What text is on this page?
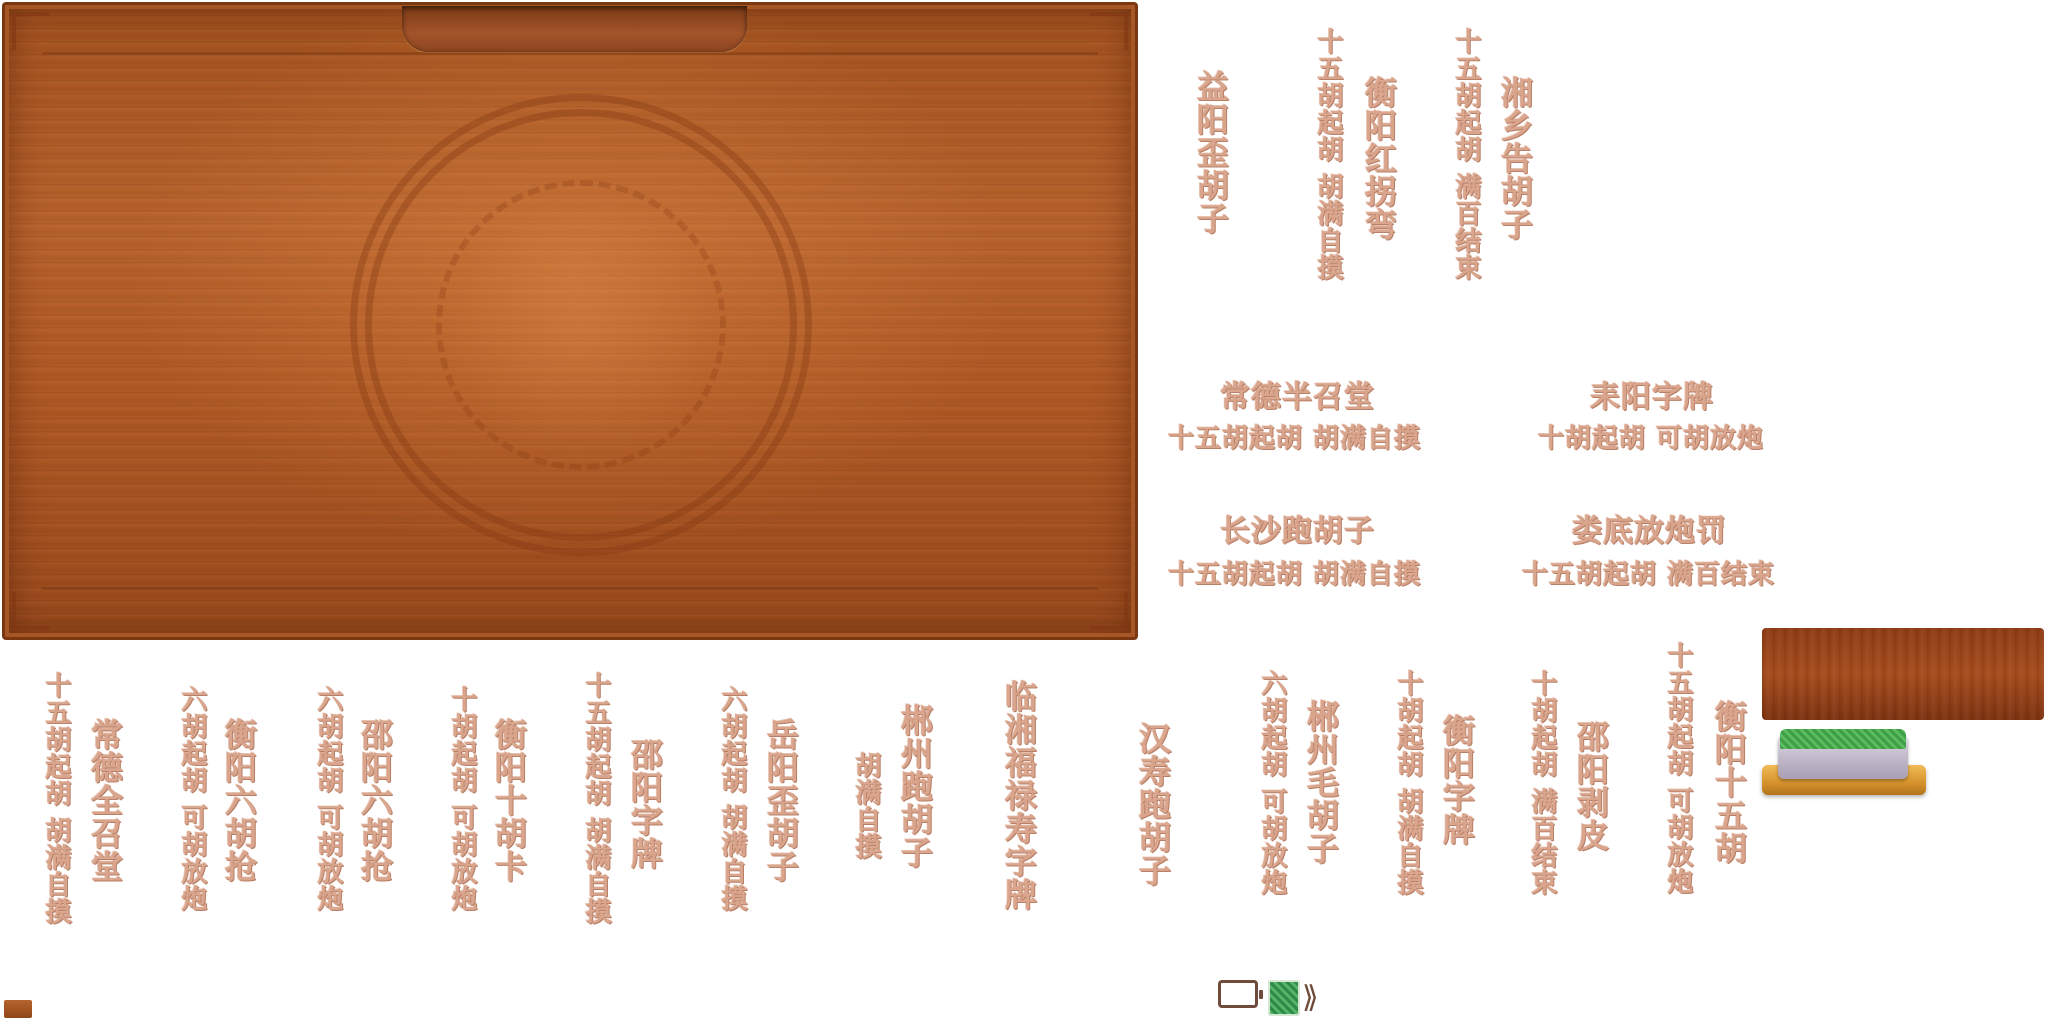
益阳歪胡子	衡阳红拐弯
十五胡起胡 胡满自摸	湘乡告胡子
十五胡起胡 满百结束
常德半召堂
十五胡起胡 胡满自摸
耒阳字牌
十胡起胡 可胡放炮
长沙跑胡子
十五胡起胡 胡满自摸
娄底放炮罚
十五胡起胡 满百结束
常德全召堂
十五胡起胡 胡满自摸	衡阳六胡抢
六胡起胡 可胡放炮	邵阳六胡抢
六胡起胡 可胡放炮	衡阳十胡卡
十胡起胡 可胡放炮	邵阳字牌
十五胡起胡 胡满自摸	岳阳歪胡子
六胡起胡 胡满自摸	郴州跑胡子
胡满自摸	临湘福禄寿字牌	汉寿跑胡子	郴州毛胡子
六胡起胡 可胡放炮	衡阳字牌
十胡起胡 胡满自摸	邵阳剥皮
十胡起胡 满百结束	衡阳十五胡
十五胡起胡 可胡放炮
⟫
